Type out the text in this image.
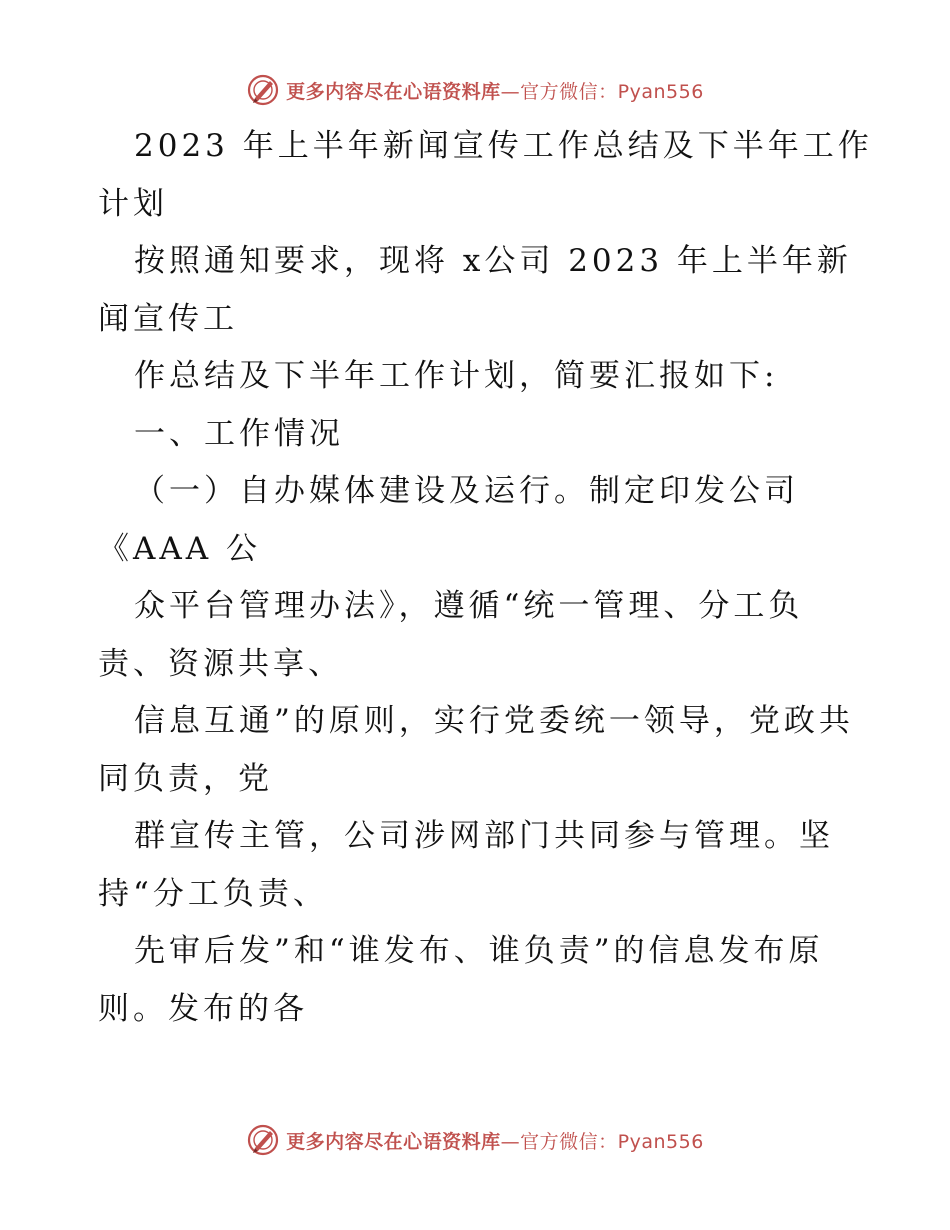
更多内容尽在心语资料库—官方微信：Pyan556

2023 年上半年新闻宣传工作总结及下半年工作

计划

按照通知要求，现将 x公司 2023 年上半年新

闻宣传工

作总结及下半年工作计划，简要汇报如下:

一、工作情况

（一）自办媒体建设及运行。制定印发公司

《AAA 公

众平台管理办法》，遵循“统一管理、分工负

责、资源共享、

信息互通”的原则，实行党委统一领导，党政共

同负责，党

群宣传主管，公司涉网部门共同参与管理。坚

持“分工负责、

先审后发”和“谁发布、谁负责”的信息发布原

则。发布的各

更多内容尽在心语资料库—官方微信：Pyan556
